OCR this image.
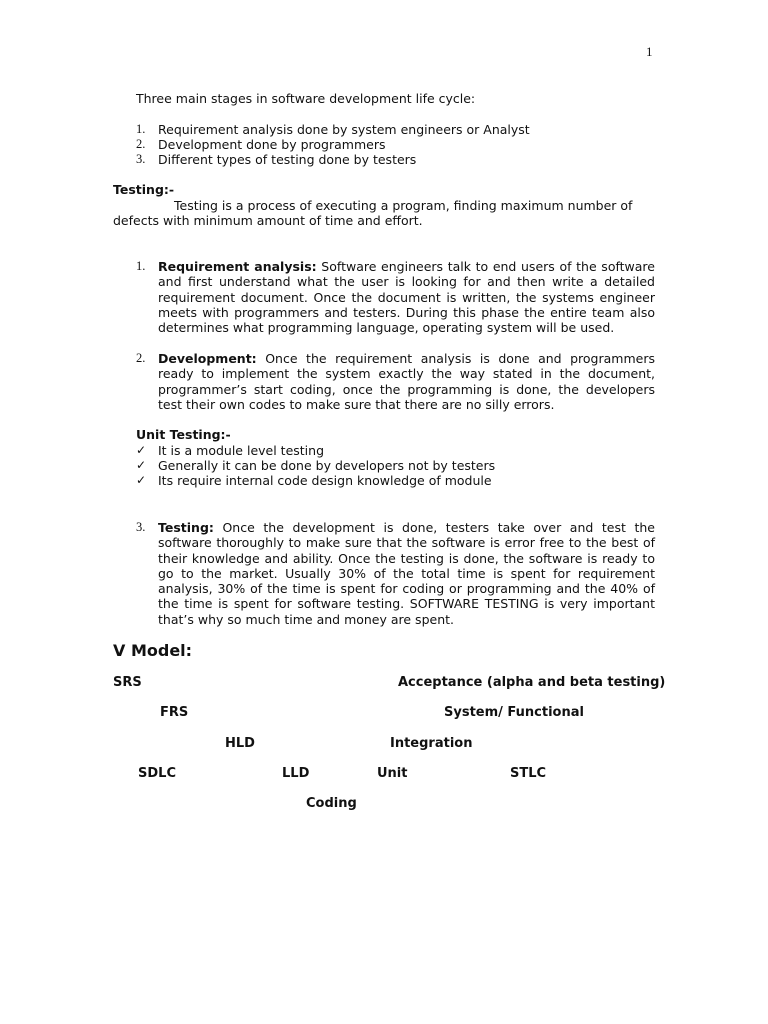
1
Three main stages in software development life cycle:
1. Requirement analysis done by system engineers or Analyst
2. Development done by programmers
3. Different types of testing done by testers
Testing:-
Testing is a process of executing a program, finding maximum number of
defects with minimum amount of time and effort.
1. Requirement analysis: Software engineers talk to end users of the software and first understand what the user is looking for and then write a detailed requirement document. Once the document is written, the systems engineer meets with programmers and testers. During this phase the entire team also determines what programming language, operating system will be used.
2. Development: Once the requirement analysis is done and programmers ready to implement the system exactly the way stated in the document, programmer’s start coding, once the programming is done, the developers test their own codes to make sure that there are no silly errors.
Unit Testing:-
✓ It is a module level testing
✓ Generally it can be done by developers not by testers
✓ Its require internal code design knowledge of module
3. Testing: Once the development is done, testers take over and test the software thoroughly to make sure that the software is error free to the best of their knowledge and ability. Once the testing is done, the software is ready to go to the market. Usually 30% of the total time is spent for requirement analysis, 30% of the time is spent for coding or programming and the 40% of the time is spent for software testing. SOFTWARE TESTING is very important that’s why so much time and money are spent.
V Model:
SRS	Acceptance (alpha and beta testing)
FRS	System/ Functional
HLD	Integration
SDLC	LLD	Unit	STLC
Coding
